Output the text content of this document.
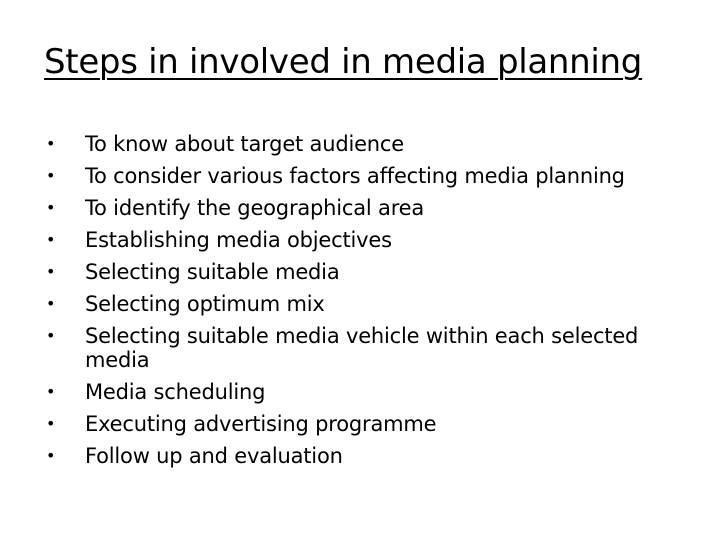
Steps in involved in media planning
•	To know about target audience
•	To consider various factors affecting media planning
•	To identify the geographical area
•	Establishing media objectives
•	Selecting suitable media
•	Selecting optimum mix
•	Selecting suitable media vehicle within each selected media
•	Media scheduling
•	Executing advertising programme
•	Follow up and evaluation
